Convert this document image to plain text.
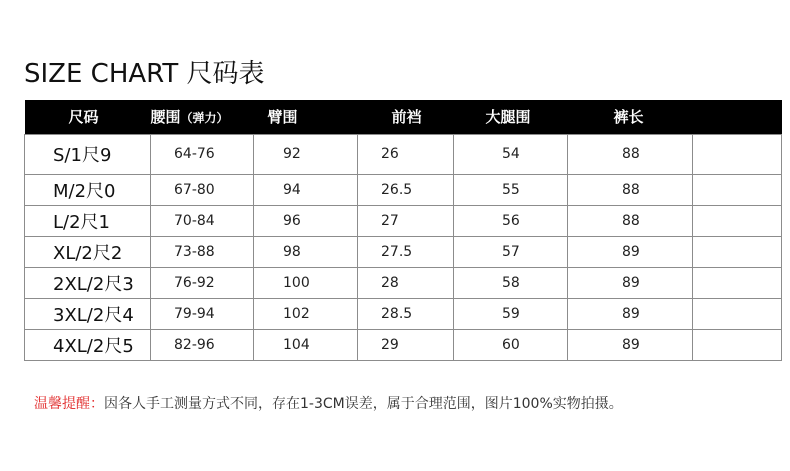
SIZE CHART 尺码表
尺码	腰围（弹力）	臂围	前裆	大腿围	裤长	
S/1尺9	64-76	92	26	54	88	
M/2尺0	67-80	94	26.5	55	88	
L/2尺1	70-84	96	27	56	88	
XL/2尺2	73-88	98	27.5	57	89	
2XL/2尺3	76-92	100	28	58	89	
3XL/2尺4	79-94	102	28.5	59	89	
4XL/2尺5	82-96	104	29	60	89	
温馨提醒：因各人手工测量方式不同，存在1-3CM误差，属于合理范围，图片100%实物拍摄。
